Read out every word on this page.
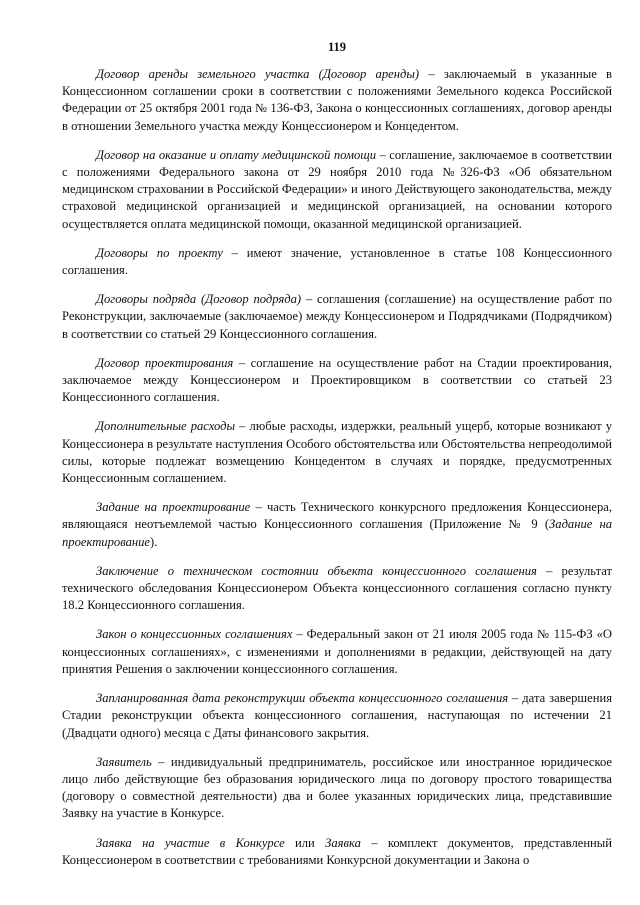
119

Договор аренды земельного участка (Договор аренды) – заключаемый в указанные в Концессионном соглашении сроки в соответствии с положениями Земельного кодекса Российской Федерации от 25 октября 2001 года № 136-ФЗ, Закона о концессионных соглашениях, договор аренды в отношении Земельного участка между Концессионером и Концедентом.

Договор на оказание и оплату медицинской помощи – соглашение, заключаемое в соответствии с положениями Федерального закона от 29 ноября 2010 года №326-ФЗ «Об обязательном медицинском страховании в Российской Федерации» и иного Действующего законодательства, между страховой медицинской организацией и медицинской организацией, на основании которого осуществляется оплата медицинской помощи, оказанной медицинской организацией.

Договоры по проекту – имеют значение, установленное в статье 108 Концессионного соглашения.

Договоры подряда (Договор подряда) – соглашения (соглашение) на осуществление работ по Реконструкции, заключаемые (заключаемое) между Концессионером и Подрядчиками (Подрядчиком) в соответствии со статьей 29 Концессионного соглашения.

Договор проектирования – соглашение на осуществление работ на Стадии проектирования, заключаемое между Концессионером и Проектировщиком в соответствии со статьей 23 Концессионного соглашения.

Дополнительные расходы – любые расходы, издержки, реальный ущерб, которые возникают у Концессионера в результате наступления Особого обстоятельства или Обстоятельства непреодолимой силы, которые подлежат возмещению Концедентом в случаях и порядке, предусмотренных Концессионным соглашением.

Задание на проектирование – часть Технического конкурсного предложения Концессионера, являющаяся неотъемлемой частью Концессионного соглашения (Приложение № 9 (Задание на проектирование).

Заключение о техническом состоянии объекта концессионного соглашения – результат технического обследования Концессионером Объекта концессионного соглашения согласно пункту 18.2 Концессионного соглашения.

Закон о концессионных соглашениях – Федеральный закон от 21 июля 2005 года № 115-ФЗ «О концессионных соглашениях», с изменениями и дополнениями в редакции, действующей на дату принятия Решения о заключении концессионного соглашения.

Запланированная дата реконструкции объекта концессионного соглашения – дата завершения Стадии реконструкции объекта концессионного соглашения, наступающая по истечении 21 (Двадцати одного) месяца с Даты финансового закрытия.

Заявитель – индивидуальный предприниматель, российское или иностранное юридическое лицо либо действующие без образования юридического лица по договору простого товарищества (договору о совместной деятельности) два и более указанных юридических лица, представившие Заявку на участие в Конкурсе.

Заявка на участие в Конкурсе или Заявка – комплект документов, представленный Концессионером в соответствии с требованиями Конкурсной документации и Закона о
